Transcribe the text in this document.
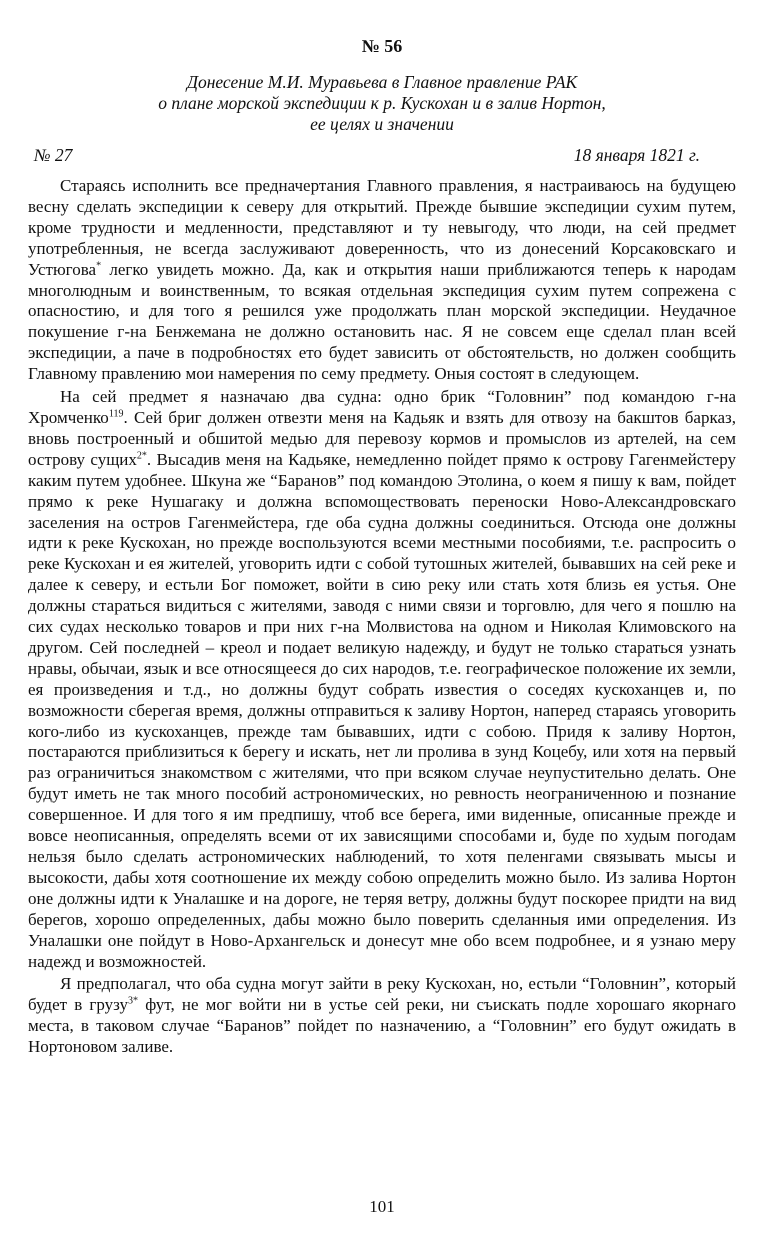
№ 56
Донесение М.И. Муравьева в Главное правление РАК
о плане морской экспедиции к р. Кускохан и в залив Нортон,
ее целях и значении
№ 27	18 января 1821 г.

Стараясь исполнить все предначертания Главного правления, я настраиваюсь на будущею весну сделать экспедиции к северу для открытий. Прежде бывшие экспедиции сухим путем, кроме трудности и медленности, представляют и ту невыгоду, что люди, на сей предмет употребленныя, не всегда заслуживают доверенность, что из донесений Корсаковскаго и Устюгова* легко увидеть можно. Да, как и открытия наши приближаются теперь к народам многолюдным и воинственным, то всякая отдельная экспедиция сухим путем сопрежена с опасностию, и для того я решился уже продолжать план морской экспедиции. Неудачное покушение г-на Бенжемана не должно остановить нас. Я не совсем еще сделал план всей экспедиции, а паче в подробностях ето будет зависить от обстоятельств, но должен сообщить Главному правлению мои намерения по сему предмету. Оныя состоят в следующем.

На сей предмет я назначаю два судна: одно брик “Головнин” под командою г-на Хромченко$^{119}$. Сей бриг должен отвезти меня на Кадьяк и взять для отвозу на бакштов барказ, вновь построенный и обшитой медью для перевозу кормов и промыслов из артелей, на сем острову сущих$^{2*}$. Высадив меня на Кадьяке, немедленно пойдет прямо к острову Гагенмейстеру каким путем удобнее. Шкуна же “Баранов” под командою Этолина, о коем я пишу к вам, пойдет прямо к реке Нушагаку и должна вспомоществовать переноски Ново-Александровскаго заселения на остров Гагенмейстера, где оба судна должны соединиться. Отсюда оне должны идти к реке Кускохан, но прежде воспользуются всеми местными пособиями, т.е. распросить о реке Кускохан и ея жителей, уговорить идти с собой тутошных жителей, бывавших на сей реке и далее к северу, и естьли Бог поможет, войти в сию реку или стать хотя близь ея устья. Оне должны стараться видиться с жителями, заводя с ними связи и торговлю, для чего я пошлю на сих судах несколько товаров и при них г-на Молвистова на одном и Николая Климовского на другом. Сей последней – креол и подает великую надежду, и будут не только стараться узнать нравы, обычаи, язык и все относящееся до сих народов, т.е. географическое положение их земли, ея произведения и т.д., но должны будут собрать известия о соседях кускоханцев и, по возможности сберегая время, должны отправиться к заливу Нортон, наперед стараясь уговорить кого-либо из кускоханцев, прежде там бывавших, идти с собою. Придя к заливу Нортон, постараются приблизиться к берегу и искать, нет ли пролива в зунд Коцебу, или хотя на первый раз ограничиться знакомством с жителями, что при всяком случае неупустительно делать. Оне будут иметь не так много пособий астрономических, но ревность неограниченною и познание совершенное. И для того я им предпишу, чтоб все берега, ими виденные, описанные прежде и вовсе неописанныя, определять всеми от их зависящими способами и, буде по худым погодам нельзя было сделать астрономических наблюдений, то хотя пеленгами связывать мысы и высокости, дабы хотя соотношение их между собою определить можно было. Из залива Нортон оне должны идти к Уналашке и на дороге, не теряя ветру, должны будут поскорее придти на вид берегов, хорошо определенных, дабы можно было поверить сделанныя ими определения. Из Уналашки оне пойдут в Ново-Архангельск и донесут мне обо всем подробнее, и я узнаю меру надежд и возможностей.

Я предполагал, что оба судна могут зайти в реку Кускохан, но, естьли “Головнин”, который будет в грузу$^{3*}$ фут, не мог войти ни в устье сей реки, ни съискать подле хорошаго якорнаго места, в таковом случае “Баранов” пойдет по назначению, а “Головнин” его будут ожидать в Нортоновом заливе.

101
